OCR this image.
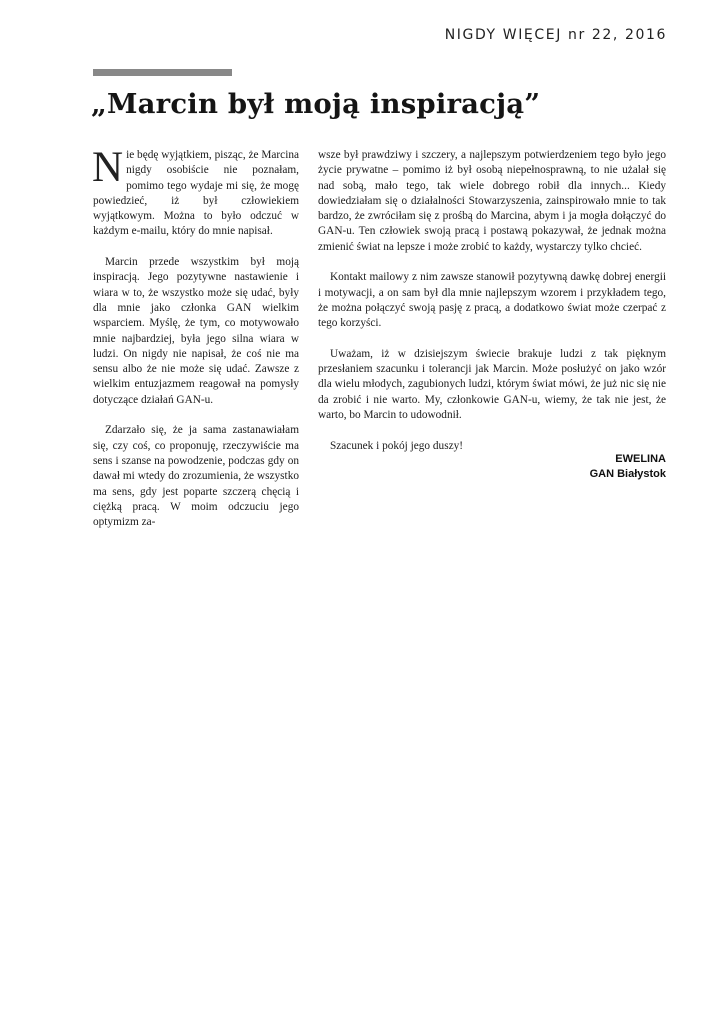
NIGDY WIĘCEJ nr 22, 2016
„Marcin był moją inspiracją”

Nie będę wyjątkiem, pisząc, że Marcina nigdy osobiście nie poznałam, pomimo tego wydaje mi się, że mogę powiedzieć, iż był człowiekiem wyjątkowym. Można to było odczuć w każdym e-mailu, który do mnie napisał.

Marcin przede wszystkim był moją inspiracją. Jego pozytywne nastawienie i wiara w to, że wszystko może się udać, były dla mnie jako członka GAN wielkim wsparciem. Myślę, że tym, co motywowało mnie najbardziej, była jego silna wiara w ludzi. On nigdy nie napisał, że coś nie ma sensu albo że nie może się udać. Zawsze z wielkim entuzjazmem reagował na pomysły dotyczące działań GAN-u.

Zdarzało się, że ja sama zastanawiałam się, czy coś, co proponuję, rzeczywiście ma sens i szanse na powodzenie, podczas gdy on dawał mi wtedy do zrozumienia, że wszystko ma sens, gdy jest poparte szczerą chęcią i ciężką pracą. W moim odczuciu jego optymizm za-

wsze był prawdziwy i szczery, a najlepszym potwierdzeniem tego było jego życie prywatne – pomimo iż był osobą niepełnosprawną, to nie użalał się nad sobą, mało tego, tak wiele dobrego robił dla innych... Kiedy dowiedziałam się o działalności Stowarzyszenia, zainspirowało mnie to tak bardzo, że zwróciłam się z prośbą do Marcina, abym i ja mogła dołączyć do GAN-u. Ten człowiek swoją pracą i postawą pokazywał, że jednak można zmienić świat na lepsze i może zrobić to każdy, wystarczy tylko chcieć.

Kontakt mailowy z nim zawsze stanowił pozytywną dawkę dobrej energii i motywacji, a on sam był dla mnie najlepszym wzorem i przykładem tego, że można połączyć swoją pasję z pracą, a dodatkowo świat może czerpać z tego korzyści.

Uważam, iż w dzisiejszym świecie brakuje ludzi z tak pięknym przesłaniem szacunku i tolerancji jak Marcin. Może posłużyć on jako wzór dla wielu młodych, zagubionych ludzi, którym świat mówi, że już nic się nie da zrobić i nie warto. My, członkowie GAN-u, wiemy, że tak nie jest, że warto, bo Marcin to udowodnił.

Szacunek i pokój jego duszy!

EWELINA
GAN Białystok
